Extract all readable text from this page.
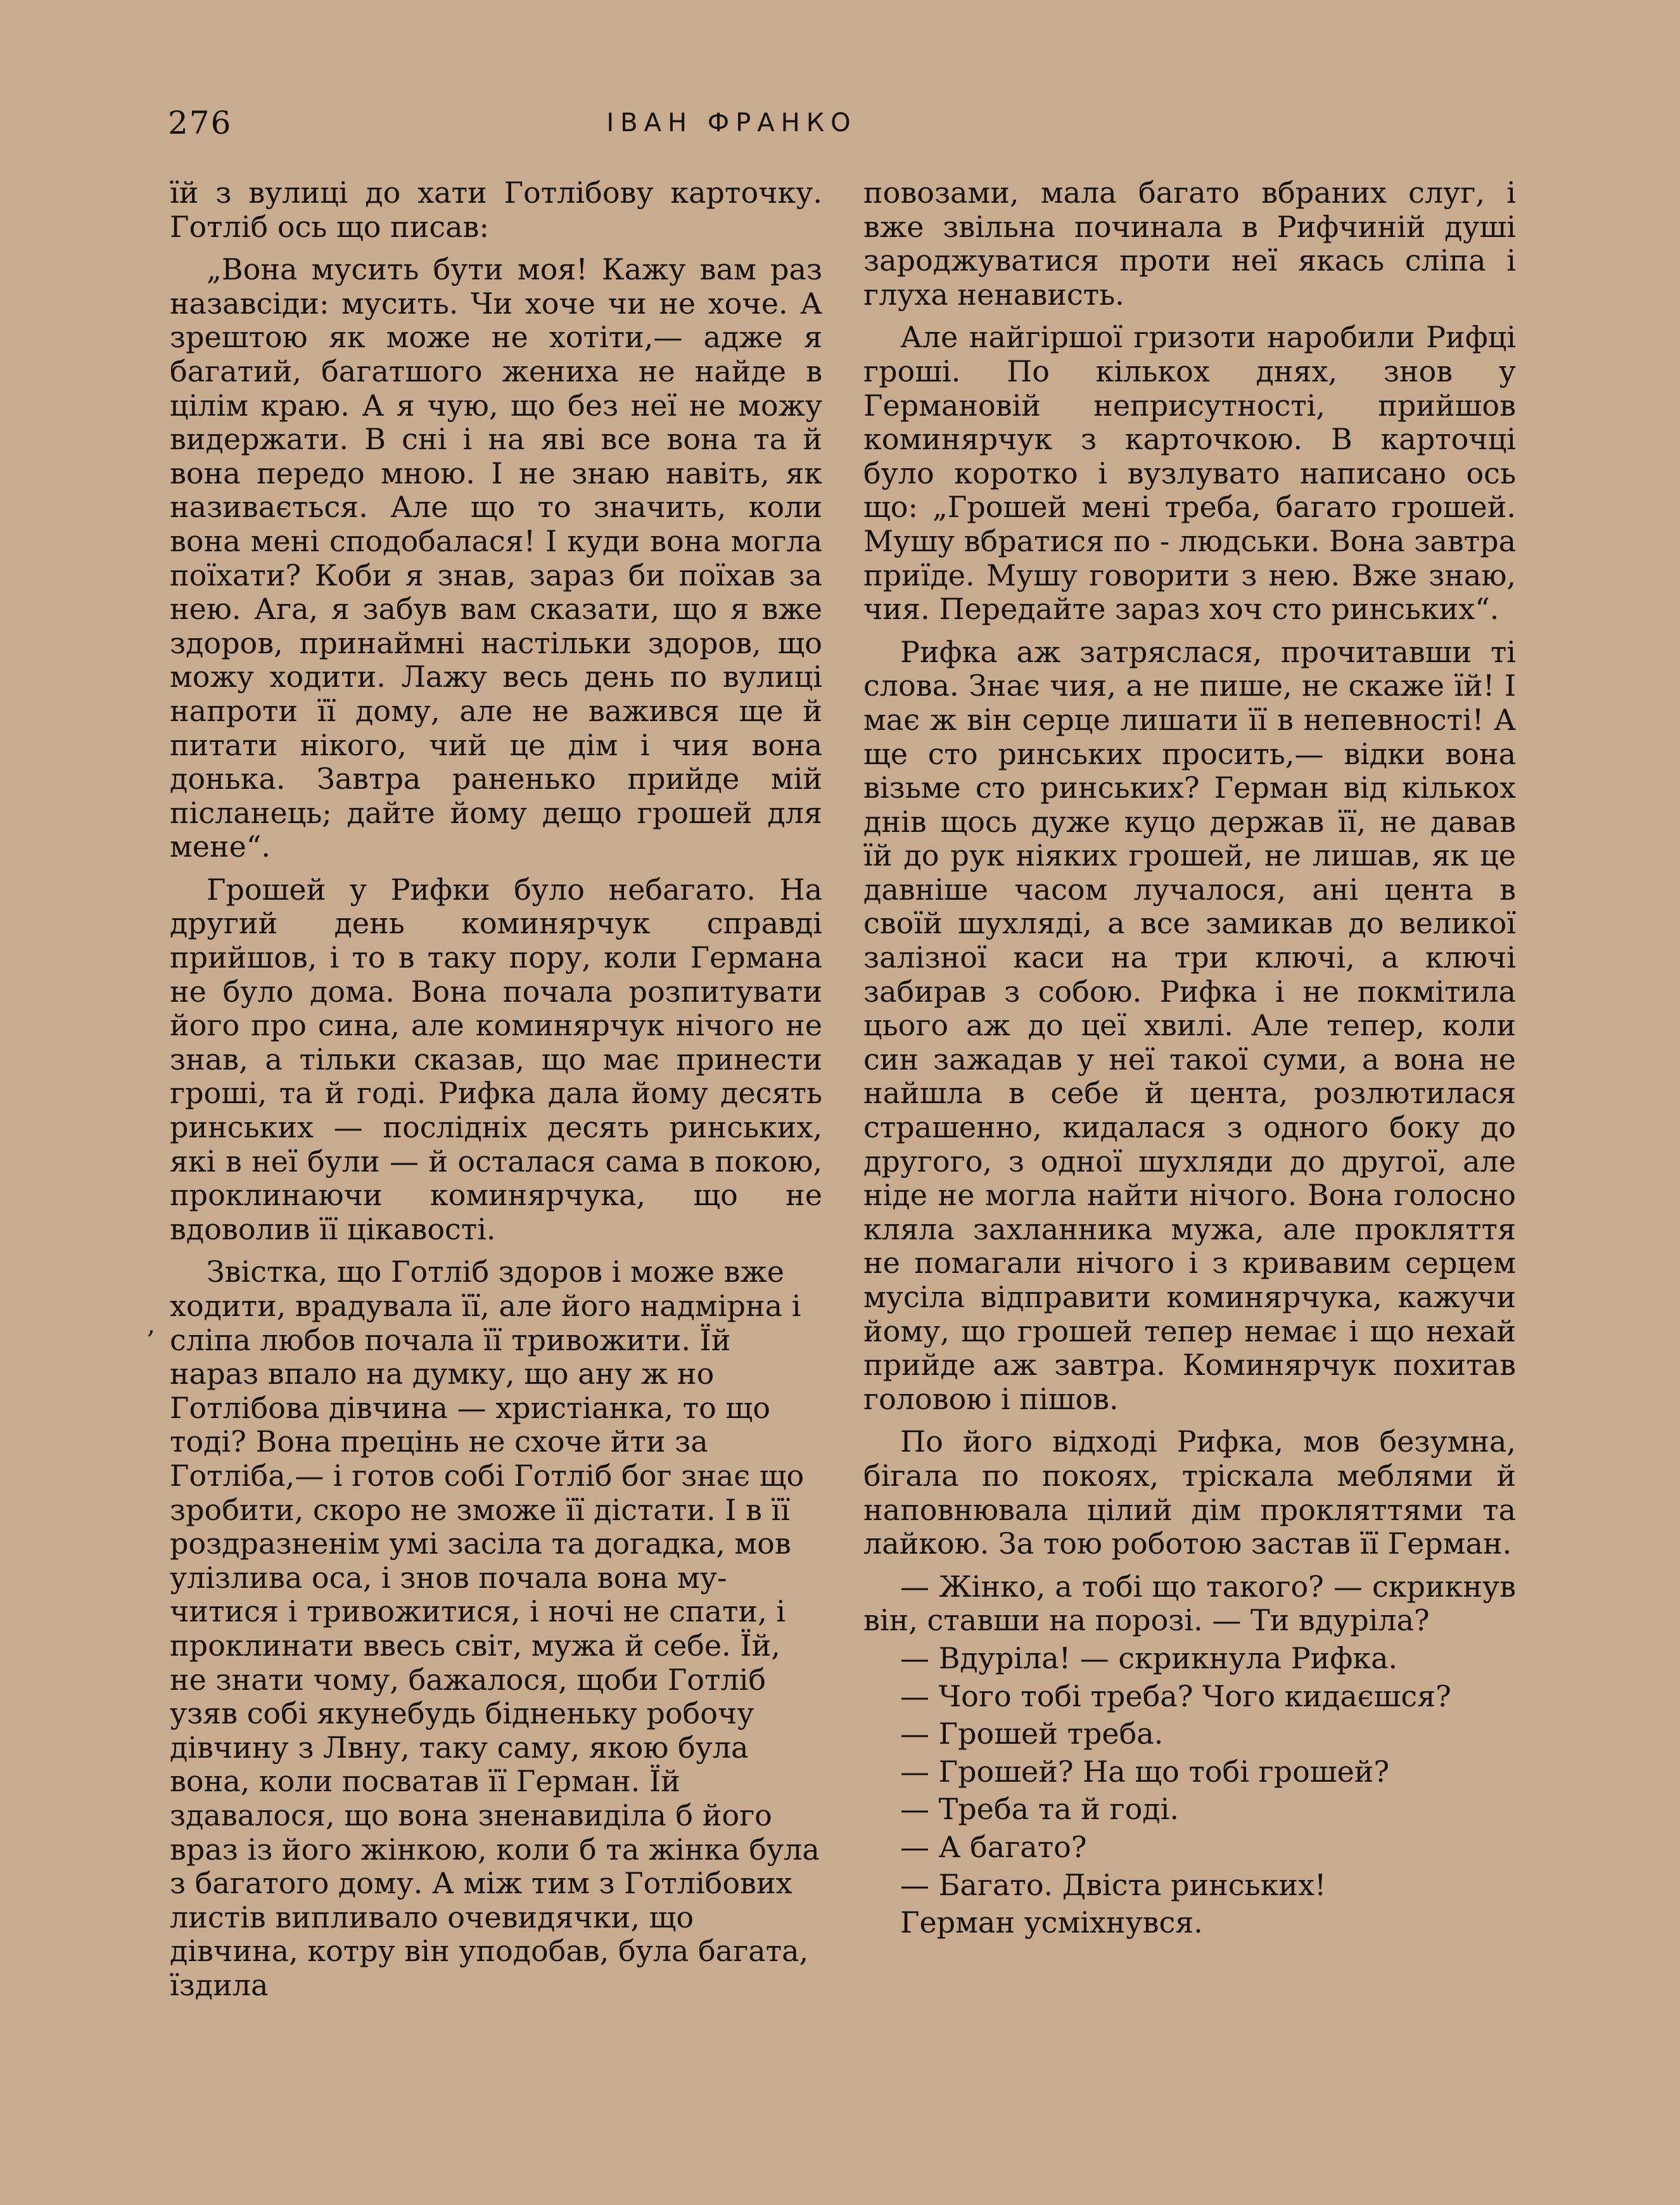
276	ІВАН ФРАНКО
‚

їй з вулиці до хати Готлібову карточку. Готліб ось що писав:

„Вона мусить бути моя! Кажу вам раз назавсіди: мусить. Чи хоче чи не хоче. А зрештою як може не хотіти,— адже я багатий, багатшого жениха не найде в цілім краю. А я чую, що без неї не можу видержати. В сні і на яві все вона та й вона передо мною. І не знаю навіть, як називається. Але що то значить, коли вона мені сподобалася! І куди вона могла поїхати? Коби я знав, зараз би поїхав за нею. Ага, я забув вам сказати, що я вже здоров, принаймні настільки здоров, що можу ходити. Лажу весь день по вулиці напроти її дому, але не важився ще й питати нікого, чий це дім і чия вона донька. Завтра раненько прийде мій післанець; дайте йому дещо грошей для мене“.

Грошей у Рифки було небагато. На другий день коминярчук справді прийшов, і то в таку пору, коли Германа не було дома. Вона почала розпитувати його про сина, але коминярчук нічого не знав, а тільки сказав, що має принести гроші, та й годі. Рифка дала йому десять ринських — послідніх десять ринських, які в неї були — й осталася сама в покою, проклинаючи коминярчука, що не вдоволив її цікавості.

Звістка, що Готліб здоров і може вже ходити, врадувала її, але його надмірна і сліпа любов почала її тривожити. Їй нараз впало на думку, що ану ж но Готлібова дівчина — христіанка, то що тоді? Вона прецінь не схоче йти за Готліба,— і готов собі Готліб бог знає що зробити, скоро не зможе її дістати. І в її роздразненім умі засіла та догадка, мов улізлива оса, і знов почала вона мучитися і тривожитися, і ночі не спати, і проклинати ввесь світ, мужа й себе. Їй, не знати чому, бажалося, щоби Готліб узяв собі якунебудь бідненьку робочу дівчину з Лвну, таку саму, якою була вона, коли посватав її Герман. Їй здавалося, що вона зненавиділа б його враз із його жінкою, коли б та жінка була з багатого дому. А між тим з Готлібових листів випливало очевидячки, що дівчина, котру він уподобав, була багата, їздила

повозами, мала багато вбраних слуг, і вже звільна починала в Рифчиній душі зароджуватися проти неї якась сліпа і глуха ненависть.

Але найгіршої гризоти наробили Рифці гроші. По кількох днях, знов у Германовій неприсутності, прийшов коминярчук з карточкою. В карточці було коротко і вузлувато написано ось що: „Грошей мені треба, багато грошей. Мушу вбратися по - людськи. Вона завтра приїде. Мушу говорити з нею. Вже знаю, чия. Передайте зараз хоч сто ринських“.

Рифка аж затряслася, прочитавши ті слова. Знає чия, а не пише, не скаже їй! І має ж він серце лишати її в непевності! А ще сто ринських просить,— відки вона візьме сто ринських? Герман від кількох днів щось дуже куцо держав її, не давав їй до рук ніяких грошей, не лишав, як це давніше часом лучалося, ані цента в своїй шухляді, а все замикав до великої залізної каси на три ключі, а ключі забирав з собою. Рифка і не покмітила цього аж до цеї хвилі. Але тепер, коли син зажадав у неї такої суми, а вона не найшла в себе й цента, розлютилася страшенно, кидалася з одного боку до другого, з одної шухляди до другої, але ніде не могла найти нічого. Вона голосно кляла захланника мужа, але прокляття не помагали нічого і з кривавим серцем мусіла відправити коминярчука, кажучи йому, що грошей тепер немає і що нехай прийде аж завтра. Коминярчук похитав головою і пішов.

По його відході Рифка, мов безумна, бігала по покоях, тріскала меблями й наповнювала цілий дім прокляттями та лайкою. За тою роботою застав її Герман.

— Жінко, а тобі що такого? — скрикнув він, ставши на порозі. — Ти вдуріла?

— Вдуріла! — скрикнула Рифка.

— Чого тобі треба? Чого кидаєшся?

— Грошей треба.

— Грошей? На що тобі грошей?

— Треба та й годі.

— А багато?

— Багато. Двіста ринських!

Герман усміхнувся.
